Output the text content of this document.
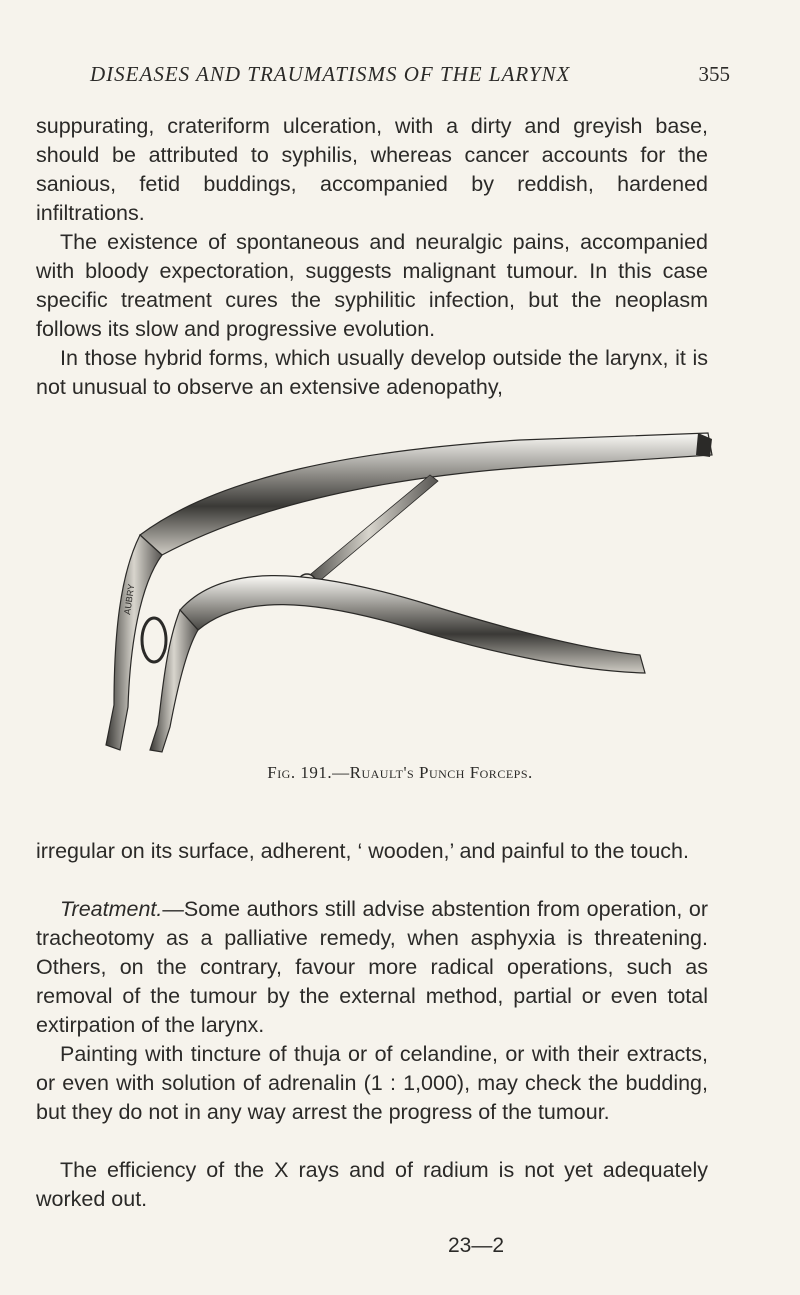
DISEASES AND TRAUMATISMS OF THE LARYNX	355

suppurating, crateriform ulceration, with a dirty and greyish base, should be attributed to syphilis, whereas cancer accounts for the sanious, fetid buddings, accompanied by reddish, hardened infiltrations.

The existence of spontaneous and neuralgic pains, accompanied with bloody expectoration, suggests malignant tumour. In this case specific treatment cures the syphilitic infection, but the neoplasm follows its slow and progressive evolution.

In those hybrid forms, which usually develop outside the larynx, it is not unusual to observe an extensive adenopathy,

AUBRY
Fig. 191.—Ruault's Punch Forceps.

irregular on its surface, adherent, ‘ wooden,’ and painful to the touch.

Treatment.—Some authors still advise abstention from operation, or tracheotomy as a palliative remedy, when asphyxia is threatening. Others, on the contrary, favour more radical operations, such as removal of the tumour by the external method, partial or even total extirpation of the larynx.

Painting with tincture of thuja or of celandine, or with their extracts, or even with solution of adrenalin (1 : 1,000), may check the budding, but they do not in any way arrest the progress of the tumour.

The efficiency of the X rays and of radium is not yet adequately worked out.

23—2
